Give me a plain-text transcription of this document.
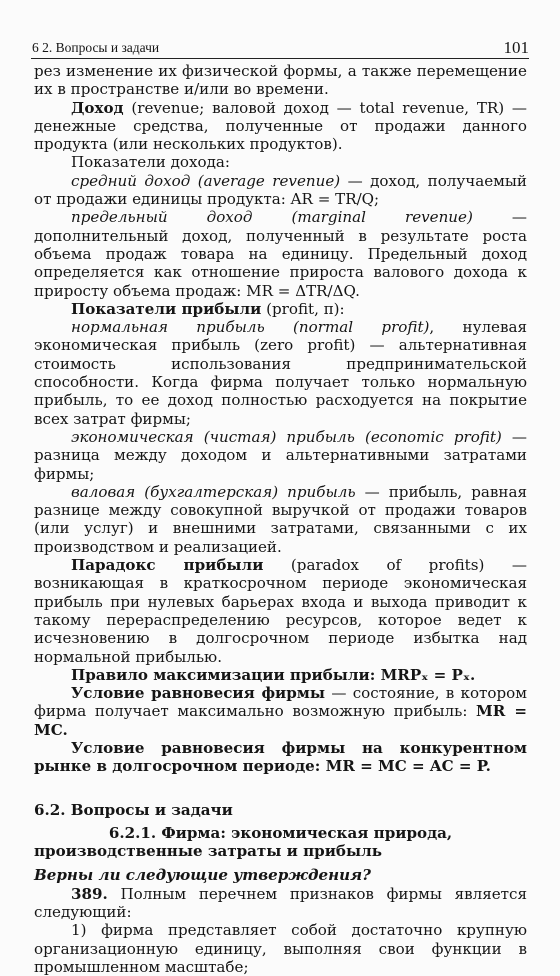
6 2. Вопросы и задачи	101

рез изменение их физической формы, а также перемещение их в пространстве и/или во времени.

Доход (revenue; валовой доход — total revenue, TR) — денежные средства, полученные от продажи данного продукта (или нескольких продуктов).

Показатели дохода:

средний доход (average revenue) — доход, получаемый от продажи единицы продукта: AR = TR/Q;

предельный доход (marginal revenue) — дополнительный доход, полученный в результате роста объема продаж товара на единицу. Предельный доход определяется как отношение прироста валового дохода к приросту объема продаж: MR = ΔTR/ΔQ.

Показатели прибыли (profit, π):

нормальная прибыль (normal profit), нулевая экономическая прибыль (zero profit) — альтернативная стоимость использования предпринимательской способности. Когда фирма получает только нормальную прибыль, то ее доход полностью расходуется на покрытие всех затрат фирмы;

экономическая (чистая) прибыль (economic profit) — разница между доходом и альтернативными затратами фирмы;

валовая (бухгалтерская) прибыль — прибыль, равная разнице между совокупной выручкой от продажи товаров (или услуг) и внешними затратами, связанными с их производством и реализацией.

Парадокс прибыли (paradox of profits) — возникающая в краткосрочном периоде экономическая прибыль при нулевых барьерах входа и выхода приводит к такому перераспределению ресурсов, которое ведет к исчезновению в долгосрочном периоде избытка над нормальной прибылью.

Правило максимизации прибыли: MRPₓ = Pₓ.

Условие равновесия фирмы — состояние, в котором фирма получает максимально возможную прибыль: MR = MC.

Условие равновесия фирмы на конкурентном рынке в долгосрочном периоде: MR = MC = AC = P.

6.2. Вопросы и задачи

6.2.1. Фирма: экономическая природа, производственные затраты и прибыль

Верны ли следующие утверждения?

389. Полным перечнем признаков фирмы является следующий:

1) фирма представляет собой достаточно крупную организационную единицу, выполняя свои функции в промышленном масштабе;
